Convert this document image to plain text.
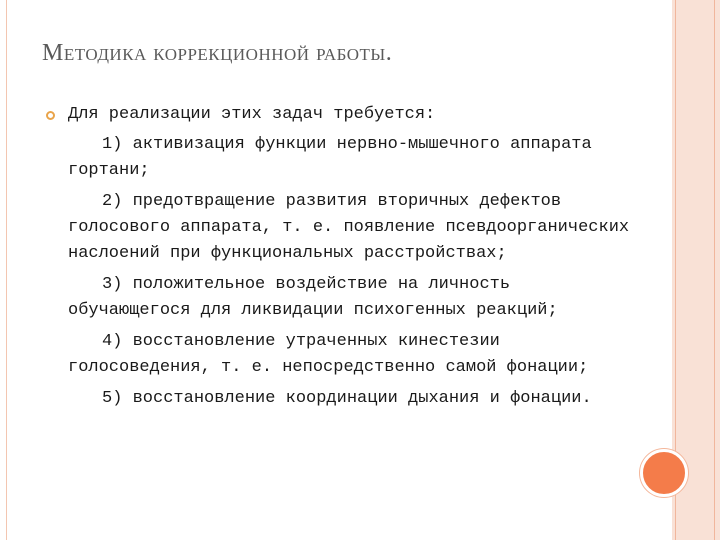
Методика коррекционной работы.
Для реализации этих задач требуется:
1) активизация функции нервно-мышечного аппарата гортани;
2) предотвращение развития вторичных дефектов голосового аппарата, т. е. появление псевдоорганических наслоений при функциональных расстройствах;
3) положительное воздействие на личность обучающегося для ликвидации психогенных реакций;
4) восстановление утраченных кинестезии голосоведения, т. е. непосредственно самой фонации;
5) восстановление координации дыхания и фонации.
